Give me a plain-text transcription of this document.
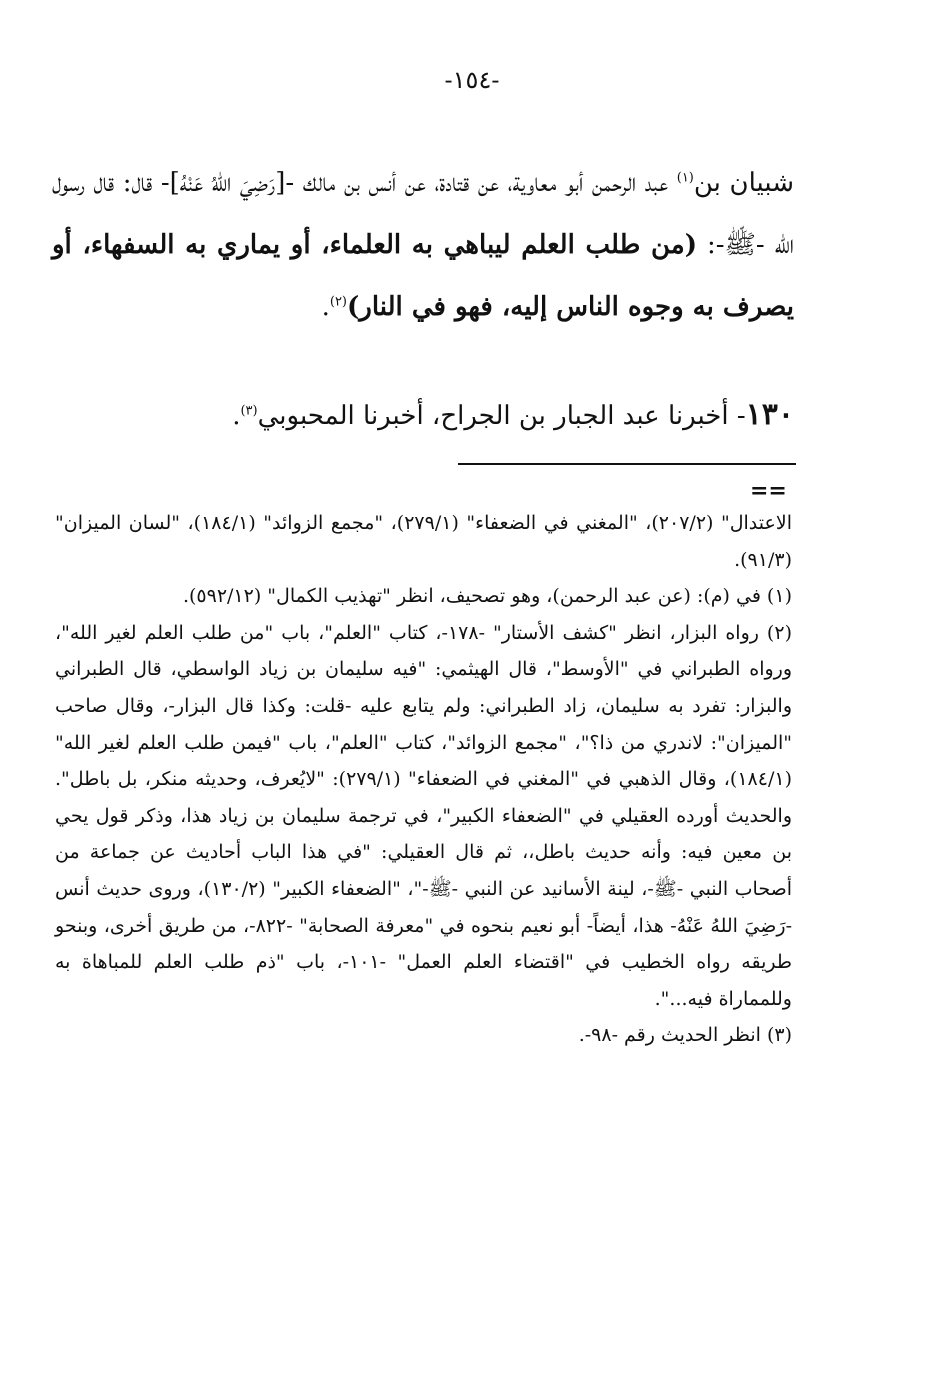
-١٥٤-

شبيان بن$^{(١)}$ عبد الرحمن أبو معاوية، عن قتادة، عن أنس بن مالك -[رَضِيَ اللهُ عَنْهُ]- قال: قال رسول الله -ﷺ-: (من طلب العلم ليباهي به العلماء، أو يماري به السفهاء، أو يصرف به وجوه الناس إليه، فهو في النار)$^{(٢)}$.

١٣٠- أخبرنا عبد الجبار بن الجراح، أخبرنا المحبوبي$^{(٣)}$.
==

الاعتدال" (٢٠٧/٢)، "المغني في الضعفاء" (٢٧٩/١)، "مجمع الزوائد" (١٨٤/١)، "لسان الميزان" (٩١/٣).

(١) في (م): (عن عبد الرحمن)، وهو تصحيف، انظر "تهذيب الكمال" (٥٩٢/١٢).

(٢) رواه البزار، انظر "كشف الأستار" -١٧٨-، كتاب "العلم"، باب "من طلب العلم لغير الله"، ورواه الطبراني في "الأوسط"، قال الهيثمي: "فيه سليمان بن زياد الواسطي، قال الطبراني والبزار: تفرد به سليمان، زاد الطبراني: ولم يتابع عليه -قلت: وكذا قال البزار-، وقال صاحب "الميزان": لاندري من ذا؟"، "مجمع الزوائد"، كتاب "العلم"، باب "فيمن طلب العلم لغير الله" (١٨٤/١)، وقال الذهبي في "المغني في الضعفاء" (٢٧٩/١): "لايُعرف، وحديثه منكر، بل باطل". والحديث أورده العقيلي في "الضعفاء الكبير"، في ترجمة سليمان بن زياد هذا، وذكر قول يحي بن معين فيه: وأنه حديث باطل،، ثم قال العقيلي: "في هذا الباب أحاديث عن جماعة من أصحاب النبي -ﷺ-، لينة الأسانيد عن النبي -ﷺ-"، "الضعفاء الكبير" (١٣٠/٢)، وروى حديث أنس -رَضِيَ اللهُ عَنْهُ- هذا، أيضاً- أبو نعيم بنحوه في "معرفة الصحابة" -٨٢٢-، من طريق أخرى، وبنحو طريقه رواه الخطيب في "اقتضاء العلم العمل" -١٠١-، باب "ذم طلب العلم للمباهاة به وللمماراة فيه...".

(٣) انظر الحديث رقم -٩٨-.
